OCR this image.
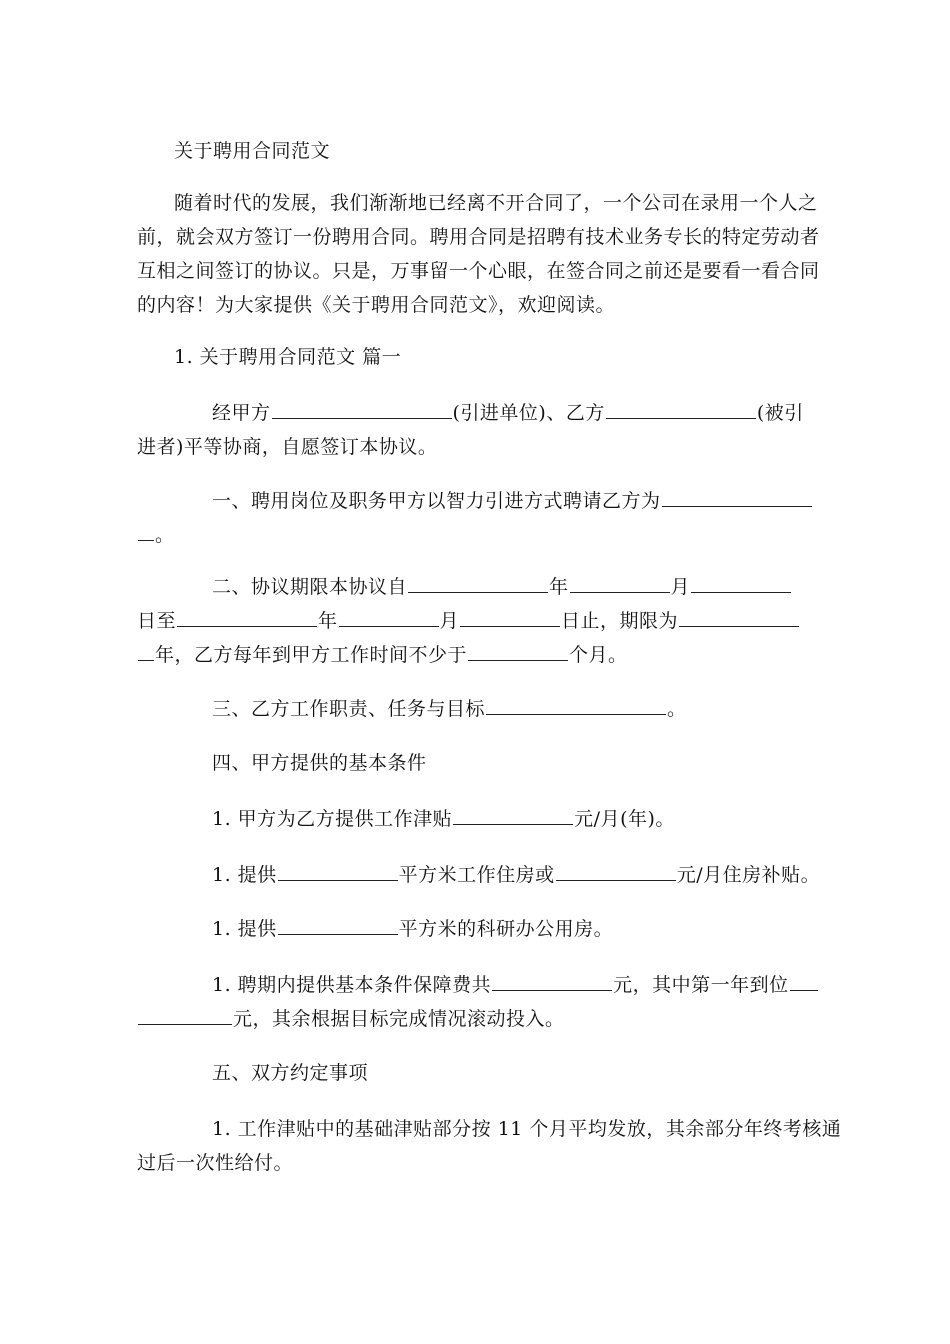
关于聘用合同范文
随着时代的发展，我们渐渐地已经离不开合同了，一个公司在录用一个人之
前，就会双方签订一份聘用合同。聘用合同是招聘有技术业务专长的特定劳动者
互相之间签订的协议。只是，万事留一个心眼，在签合同之前还是要看一看合同
的内容！为大家提供《关于聘用合同范文》，欢迎阅读。
1. 关于聘用合同范文 篇一
经甲方	(引进单位)、乙方	(被引
进者)平等协商，自愿签订本协议。
一、聘用岗位及职务甲方以智力引进方式聘请乙方为
。
二、协议期限本协议自	年	月
日至	年	月	日止，期限为
年，乙方每年到甲方工作时间不少于	个月。
三、乙方工作职责、任务与目标	。
四、甲方提供的基本条件
1. 甲方为乙方提供工作津贴	元/月(年)。
1. 提供	平方米工作住房或	元/月住房补贴。
1. 提供	平方米的科研办公用房。
1. 聘期内提供基本条件保障费共	元，其中第一年到位
元，其余根据目标完成情况滚动投入。
五、双方约定事项
1. 工作津贴中的基础津贴部分按 11 个月平均发放，其余部分年终考核通
过后一次性给付。
